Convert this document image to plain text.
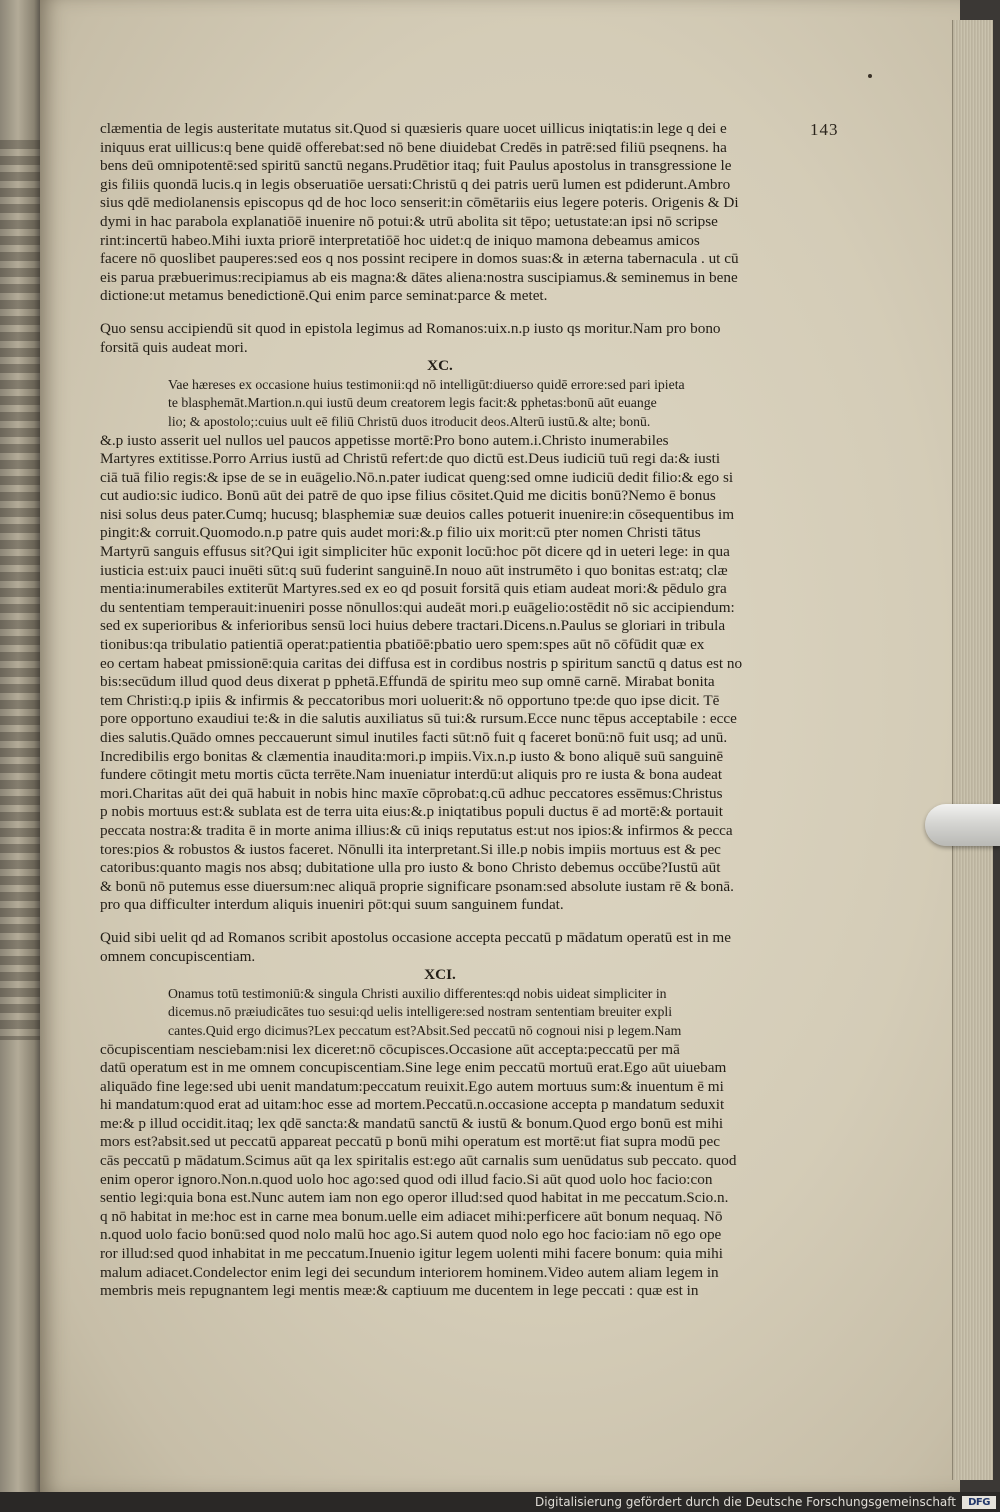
143
clæmentia de legis austeritate mutatus sit.Quod si quæsieris quare uocet uillicus iniqtatis:in lege q dei e
iniquus erat uillicus:q bene quidē offerebat:sed nō bene diuidebat Credēs in patrē:sed filiū pseqnens. ha
bens deū omnipotentē:sed spiritū sanctū negans.Prudētior itaq; fuit Paulus apostolus in transgressione le
gis filiis quondā lucis.q in legis obseruatiōe uersati:Christū q dei patris uerū lumen est pdiderunt.Ambro
sius qdē mediolanensis episcopus qd de hoc loco senserit:in cōmētariis eius legere poteris. Origenis & Di
dymi in hac parabola explanatiōē inuenire nō potui:& utrū abolita sit tēpo; uetustate:an ipsi nō scripse
rint:incertū habeo.Mihi iuxta priorē interpretatiōē hoc uidet:q de iniquo mamona debeamus amicos
facere nō quoslibet pauperes:sed eos q nos possint recipere in domos suas:& in æterna tabernacula . ut cū
eis parua præbuerimus:recipiamus ab eis magna:& dātes aliena:nostra suscipiamus.& seminemus in bene
dictione:ut metamus benedictionē.Qui enim parce seminat:parce & metet.
Quo sensu accipiendū sit quod in epistola legimus ad Romanos:uix.n.p iusto qs moritur.Nam pro bono
forsitā quis audeat mori.
XC.
Vae hæreses ex occasione huius testimonii:qd nō intelligūt:diuerso quidē errore:sed pari ipieta
te blasphemāt.Martion.n.qui iustū deum creatorem legis facit:& pphetas:bonū aūt euange
lio; & apostolo;:cuius uult eē filiū Christū duos itroducit deos.Alterū iustū.& alte; bonū.
&.p iusto asserit uel nullos uel paucos appetisse mortē:Pro bono autem.i.Christo inumerabiles
Martyres extitisse.Porro Arrius iustū ad Christū refert:de quo dictū est.Deus iudiciū tuū regi da:& iusti
ciā tuā filio regis:& ipse de se in euāgelio.Nō.n.pater iudicat queng:sed omne iudiciū dedit filio:& ego si
cut audio:sic iudico. Bonū aūt dei patrē de quo ipse filius cōsitet.Quid me dicitis bonū?Nemo ē bonus
nisi solus deus pater.Cumq; hucusq; blasphemiæ suæ deuios calles potuerit inuenire:in cōsequentibus im
pingit:& corruit.Quomodo.n.p patre quis audet mori:&.p filio uix morit:cū pter nomen Christi tātus
Martyrū sanguis effusus sit?Qui igit simpliciter hūc exponit locū:hoc pōt dicere qd in ueteri lege: in qua
iusticia est:uix pauci inuēti sūt:q suū fuderint sanguinē.In nouo aūt instrumēto i quo bonitas est:atq; clæ
mentia:inumerabiles extiterūt Martyres.sed ex eo qd posuit forsitā quis etiam audeat mori:& pēdulo gra
du sententiam temperauit:inueniri posse nōnullos:qui audeāt mori.p euāgelio:ostēdit nō sic accipiendum:
sed ex superioribus & inferioribus sensū loci huius debere tractari.Dicens.n.Paulus se gloriari in tribula
tionibus:qa tribulatio patientiā operat:patientia pbatiōē:pbatio uero spem:spes aūt nō cōfūdit quæ ex
eo certam habeat pmissionē:quia caritas dei diffusa est in cordibus nostris p spiritum sanctū q datus est no
bis:secūdum illud quod deus dixerat p pphetā.Effundā de spiritu meo sup omnē carnē. Mirabat bonita
tem Christi:q.p ipiis & infirmis & peccatoribus mori uoluerit:& nō opportuno tpe:de quo ipse dicit. Tē
pore opportuno exaudiui te:& in die salutis auxiliatus sū tui:& rursum.Ecce nunc tēpus acceptabile : ecce
dies salutis.Quādo omnes peccauerunt simul inutiles facti sūt:nō fuit q faceret bonū:nō fuit usq; ad unū.
Incredibilis ergo bonitas & clæmentia inaudita:mori.p impiis.Vix.n.p iusto & bono aliquē suū sanguinē
fundere cōtingit metu mortis cūcta terrēte.Nam inueniatur interdū:ut aliquis pro re iusta & bona audeat
mori.Charitas aūt dei quā habuit in nobis hinc maxīe cōprobat:q.cū adhuc peccatores essēmus:Christus
p nobis mortuus est:& sublata est de terra uita eius:&.p iniqtatibus populi ductus ē ad mortē:& portauit
peccata nostra:& tradita ē in morte anima illius:& cū iniqs reputatus est:ut nos ipios:& infirmos & pecca
tores:pios & robustos & iustos faceret. Nōnulli ita interpretant.Si ille.p nobis impiis mortuus est & pec
catoribus:quanto magis nos absq; dubitatione ulla pro iusto & bono Christo debemus occūbe?Iustū aūt
& bonū nō putemus esse diuersum:nec aliquā proprie significare psonam:sed absolute iustam rē & bonā.
pro qua difficulter interdum aliquis inueniri pōt:qui suum sanguinem fundat.
Quid sibi uelit qd ad Romanos scribit apostolus occasione accepta peccatū p mādatum operatū est in me
omnem concupiscentiam.
XCI.
Onamus totū testimoniū:& singula Christi auxilio differentes:qd nobis uideat simpliciter in
dicemus.nō præiudicātes tuo sesui:qd uelis intelligere:sed nostram sententiam breuiter expli
cantes.Quid ergo dicimus?Lex peccatum est?Absit.Sed peccatū nō cognoui nisi p legem.Nam
cōcupiscentiam nesciebam:nisi lex diceret:nō cōcupisces.Occasione aūt accepta:peccatū per mā
datū operatum est in me omnem concupiscentiam.Sine lege enim peccatū mortuū erat.Ego aūt uiuebam
aliquādo fine lege:sed ubi uenit mandatum:peccatum reuixit.Ego autem mortuus sum:& inuentum ē mi
hi mandatum:quod erat ad uitam:hoc esse ad mortem.Peccatū.n.occasione accepta p mandatum seduxit
me:& p illud occidit.itaq; lex qdē sancta:& mandatū sanctū & iustū & bonum.Quod ergo bonū est mihi
mors est?absit.sed ut peccatū appareat peccatū p bonū mihi operatum est mortē:ut fiat supra modū pec
cās peccatū p mādatum.Scimus aūt qa lex spiritalis est:ego aūt carnalis sum uenūdatus sub peccato. quod
enim operor ignoro.Non.n.quod uolo hoc ago:sed quod odi illud facio.Si aūt quod uolo hoc facio:con
sentio legi:quia bona est.Nunc autem iam non ego operor illud:sed quod habitat in me peccatum.Scio.n.
q nō habitat in me:hoc est in carne mea bonum.uelle eim adiacet mihi:perficere aūt bonum nequaq. Nō
n.quod uolo facio bonū:sed quod nolo malū hoc ago.Si autem quod nolo ego hoc facio:iam nō ego ope
ror illud:sed quod inhabitat in me peccatum.Inuenio igitur legem uolenti mihi facere bonum: quia mihi
malum adiacet.Condelector enim legi dei secundum interiorem hominem.Video autem aliam legem in
membris meis repugnantem legi mentis meæ:& captiuum me ducentem in lege peccati : quæ est in
Digitalisierung gefördert durch die Deutsche Forschungsgemeinschaft	DFG
